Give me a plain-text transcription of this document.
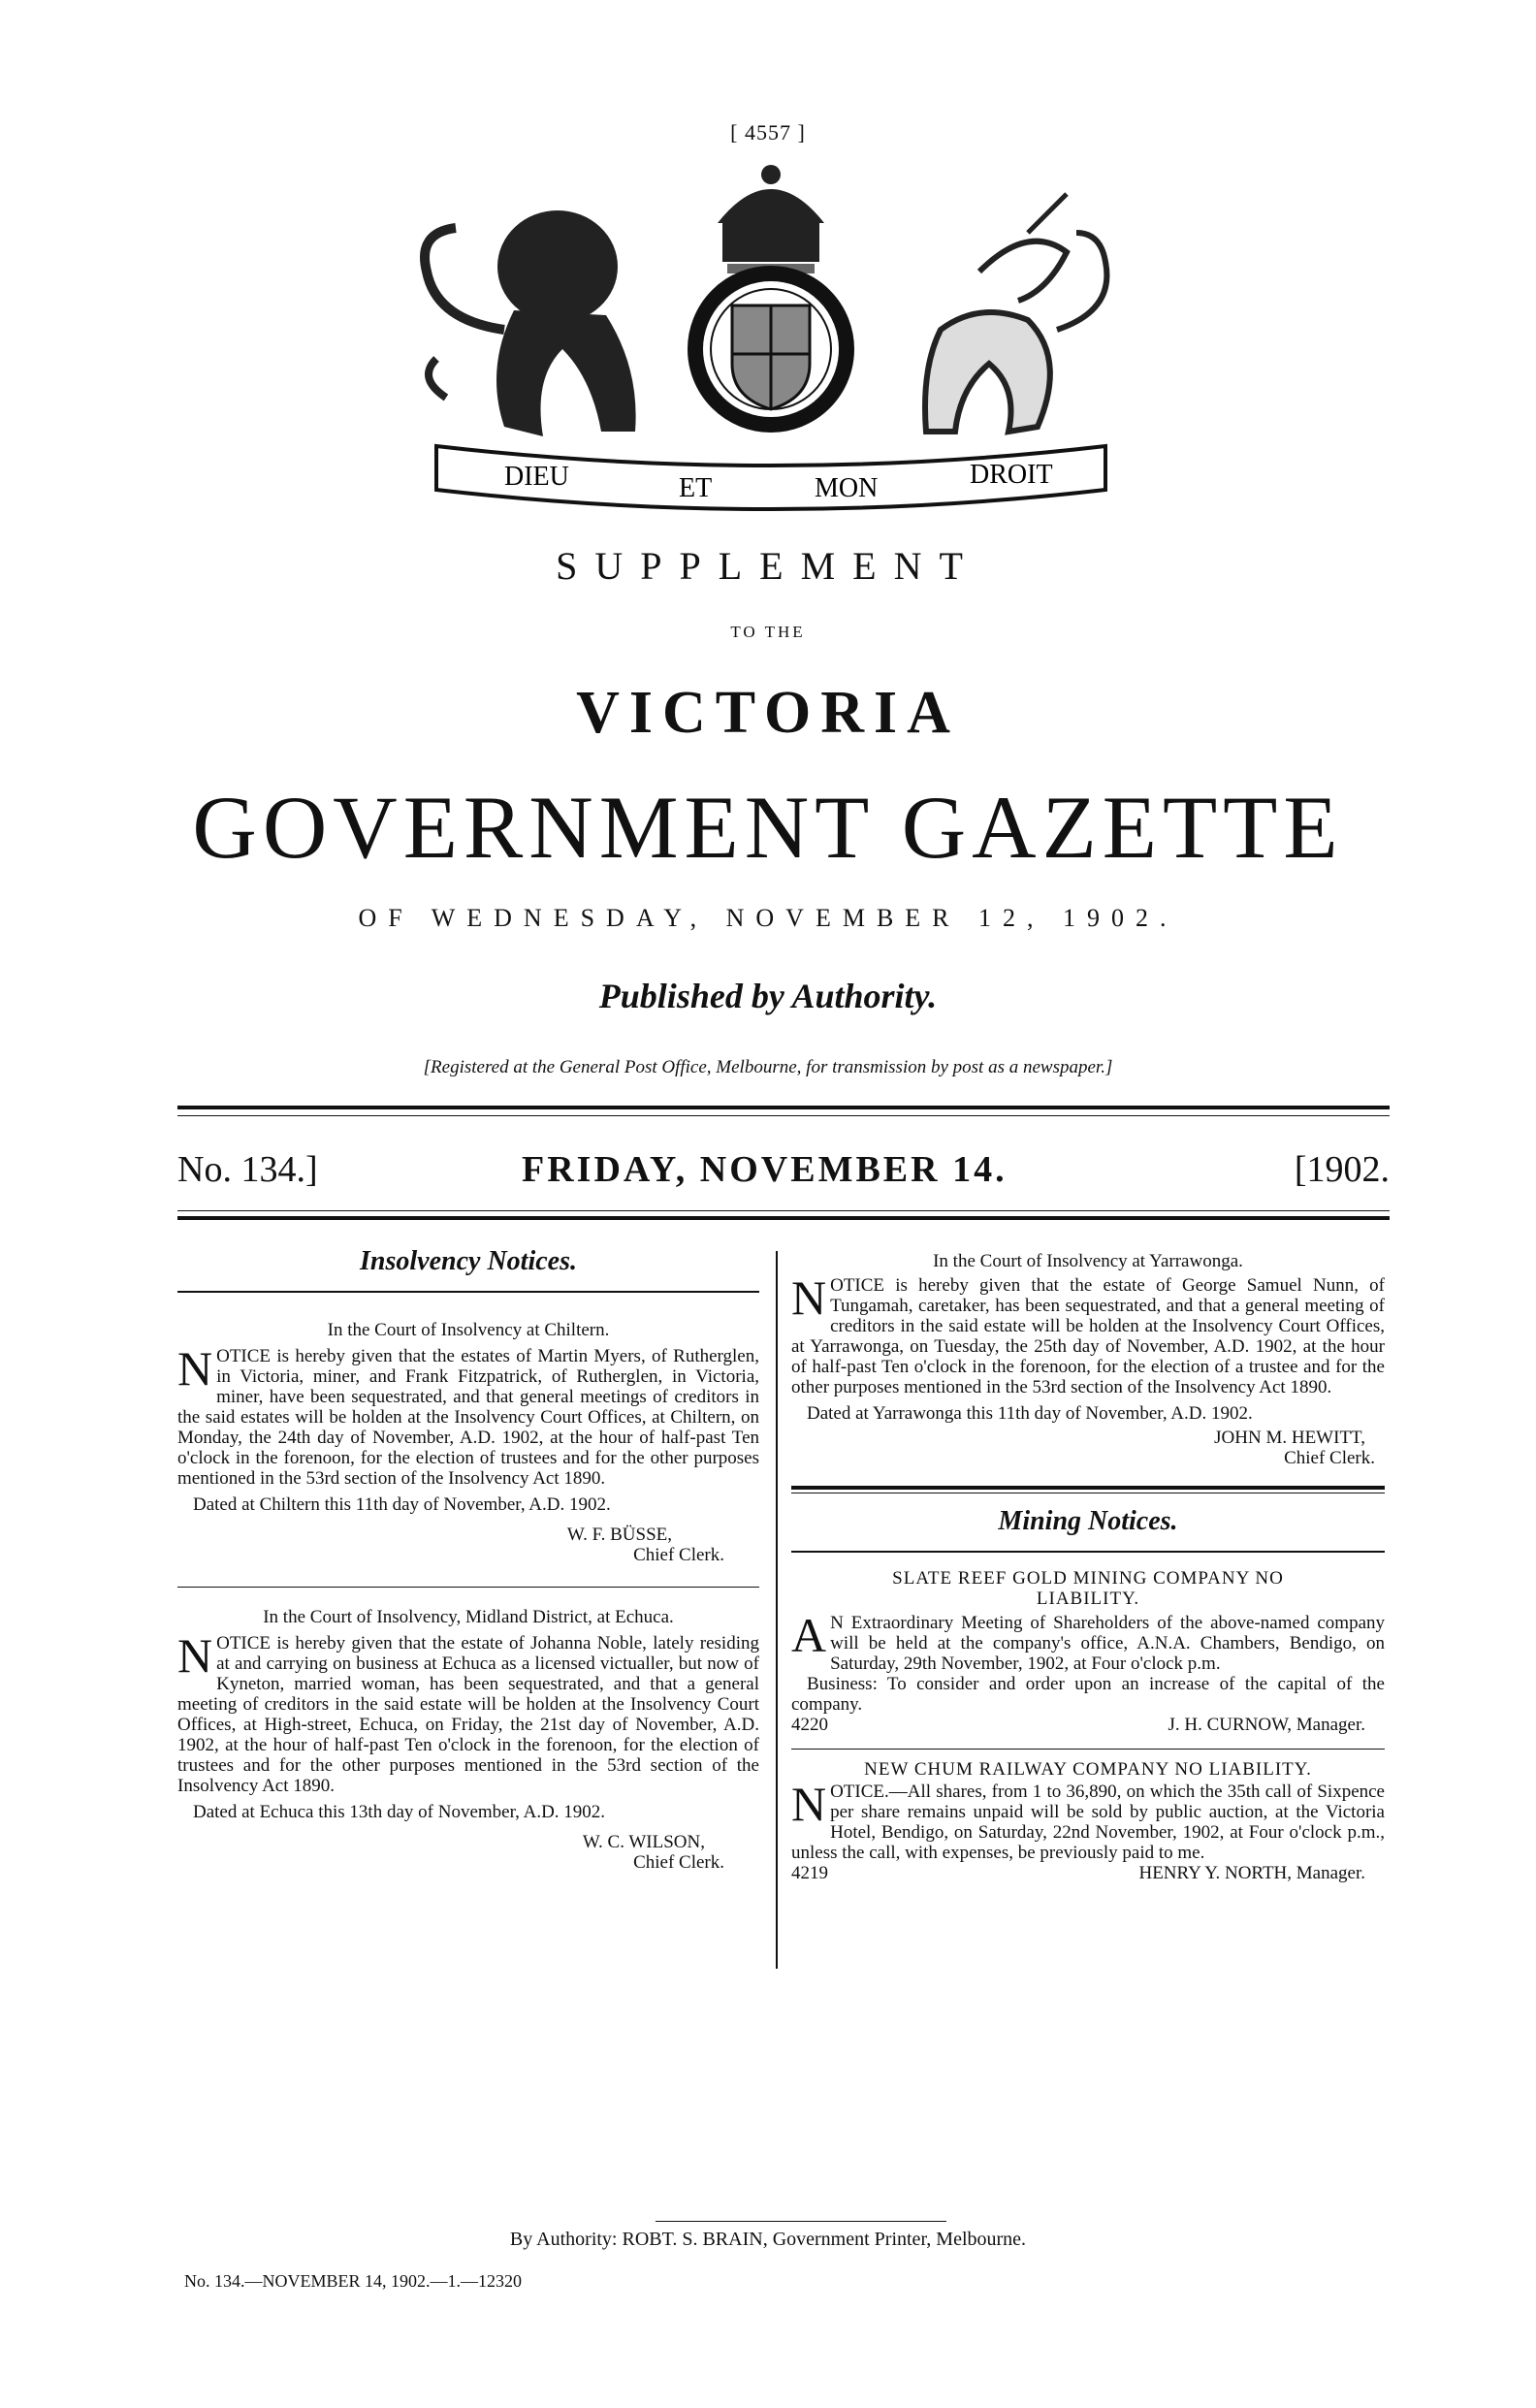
[ 4557 ]
DIEU	ET	MON	DROIT
SUPPLEMENT
TO THE
VICTORIA
GOVERNMENT GAZETTE
OF WEDNESDAY, NOVEMBER 12, 1902.
Published by Authority.
[Registered at the General Post Office, Melbourne, for transmission by post as a newspaper.]
No. 134.]	FRIDAY, NOVEMBER 14.	[1902.
Insolvency Notices.

In the Court of Insolvency at Chiltern.

NOTICE is hereby given that the estates of Martin Myers, of Rutherglen, in Victoria, miner, and Frank Fitzpatrick, of Rutherglen, in Victoria, miner, have been sequestrated, and that general meetings of creditors in the said estates will be holden at the Insolvency Court Offices, at Chiltern, on Monday, the 24th day of November, A.D. 1902, at the hour of half-past Ten o'clock in the forenoon, for the election of trustees and for the other purposes mentioned in the 53rd section of the Insolvency Act 1890.

Dated at Chiltern this 11th day of November, A.D. 1902.

W. F. BÜSSE,

Chief Clerk.

In the Court of Insolvency, Midland District, at Echuca.

NOTICE is hereby given that the estate of Johanna Noble, lately residing at and carrying on business at Echuca as a licensed victualler, but now of Kyneton, married woman, has been sequestrated, and that a general meeting of creditors in the said estate will be holden at the Insolvency Court Offices, at High-street, Echuca, on Friday, the 21st day of November, A.D. 1902, at the hour of half-past Ten o'clock in the forenoon, for the election of trustees and for the other purposes mentioned in the 53rd section of the Insolvency Act 1890.

Dated at Echuca this 13th day of November, A.D. 1902.

W. C. WILSON,

Chief Clerk.

In the Court of Insolvency at Yarrawonga.

NOTICE is hereby given that the estate of George Samuel Nunn, of Tungamah, caretaker, has been sequestrated, and that a general meeting of creditors in the said estate will be holden at the Insolvency Court Offices, at Yarrawonga, on Tuesday, the 25th day of November, A.D. 1902, at the hour of half-past Ten o'clock in the forenoon, for the election of a trustee and for the other purposes mentioned in the 53rd section of the Insolvency Act 1890.

Dated at Yarrawonga this 11th day of November, A.D. 1902.

JOHN M. HEWITT,

Chief Clerk.

Mining Notices.

SLATE REEF GOLD MINING COMPANY NO LIABILITY.

A N Extraordinary Meeting of Shareholders of the above-named company will be held at the company's office, A.N.A. Chambers, Bendigo, on Saturday, 29th November, 1902, at Four o'clock p.m.

Business: To consider and order upon an increase of the capital of the company.

4220	J. H. CURNOW, Manager.

NEW CHUM RAILWAY COMPANY NO LIABILITY.

NOTICE.—All shares, from 1 to 36,890, on which the 35th call of Sixpence per share remains unpaid will be sold by public auction, at the Victoria Hotel, Bendigo, on Saturday, 22nd November, 1902, at Four o'clock p.m., unless the call, with expenses, be previously paid to me.

4219	HENRY Y. NORTH, Manager.
By Authority: ROBT. S. BRAIN, Government Printer, Melbourne.
No. 134.—NOVEMBER 14, 1902.—1.—12320
